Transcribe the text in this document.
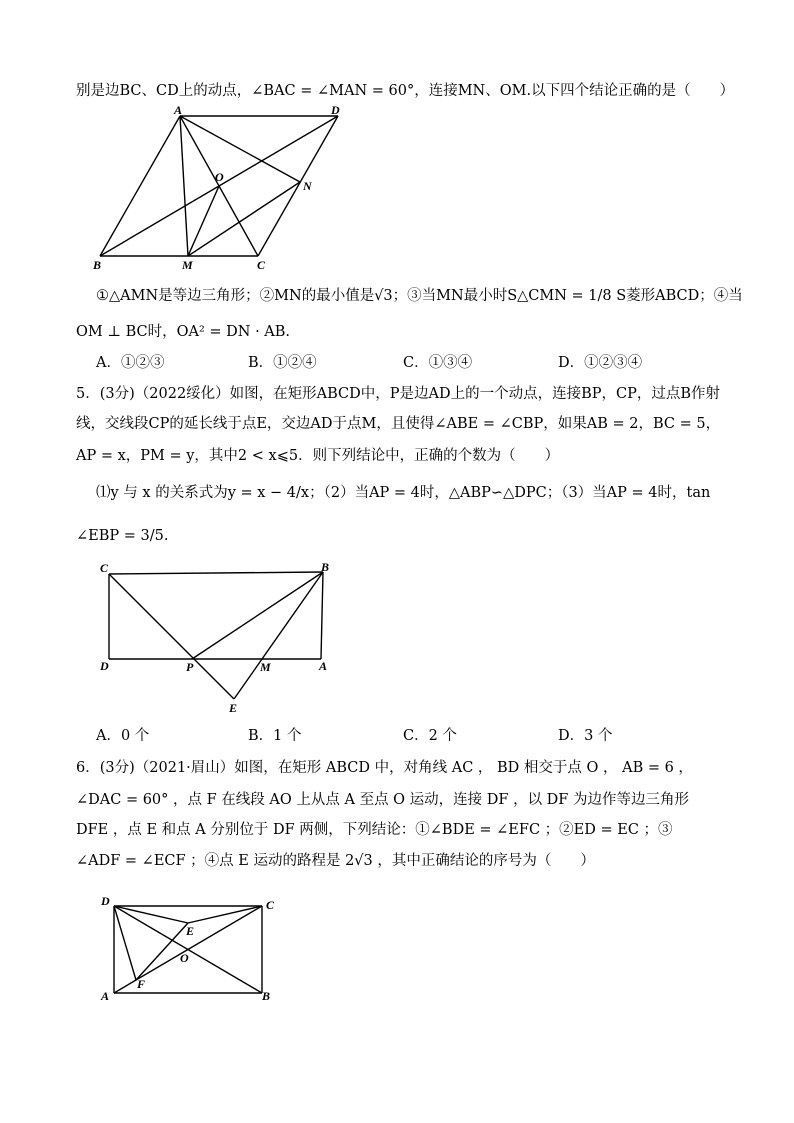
别是边BC、CD上的动点，∠BAC = ∠MAN = 60°，连接MN、OM.以下四个结论正确的是（　　）
A	D
O
N
B	M	C
①△AMN是等边三角形；②MN的最小值是√3；③当MN最小时S△CMN = 1/8 S菱形ABCD；④当
OM ⊥ BC时，OA² = DN · AB.
A．①②③	B．①②④	C．①③④	D．①②③④
5．(3分)（2022绥化）如图，在矩形ABCD中，P是边AD上的一个动点，连接BP，CP，过点B作射
线，交线段CP的延长线于点E，交边AD于点M，且使得∠ABE = ∠CBP，如果AB = 2，BC = 5，
AP = x，PM = y，其中2 < x⩽5．则下列结论中，正确的个数为（　　）
⑴y 与 x 的关系式为y = x − 4/x；（2）当AP = 4时，△ABP∽△DPC；（3）当AP = 4时，tan
∠EBP = 3/5.
C	B
D	P	M	A
E
A．0 个	B．1 个	C．2 个	D．3 个
6．(3分)（2021·眉山）如图，在矩形 ABCD 中，对角线 AC ， BD 相交于点 O ， AB = 6 ，
∠DAC = 60° ，点 F 在线段 AO 上从点 A 至点 O 运动，连接 DF ，以 DF 为边作等边三角形
DFE ，点 E 和点 A 分别位于 DF 两侧，下列结论：①∠BDE = ∠EFC ；②ED = EC ；③
∠ADF = ∠ECF ；④点 E 运动的路程是 2√3 ，其中正确结论的序号为（　　）
D	C
E
O
A
F
B
